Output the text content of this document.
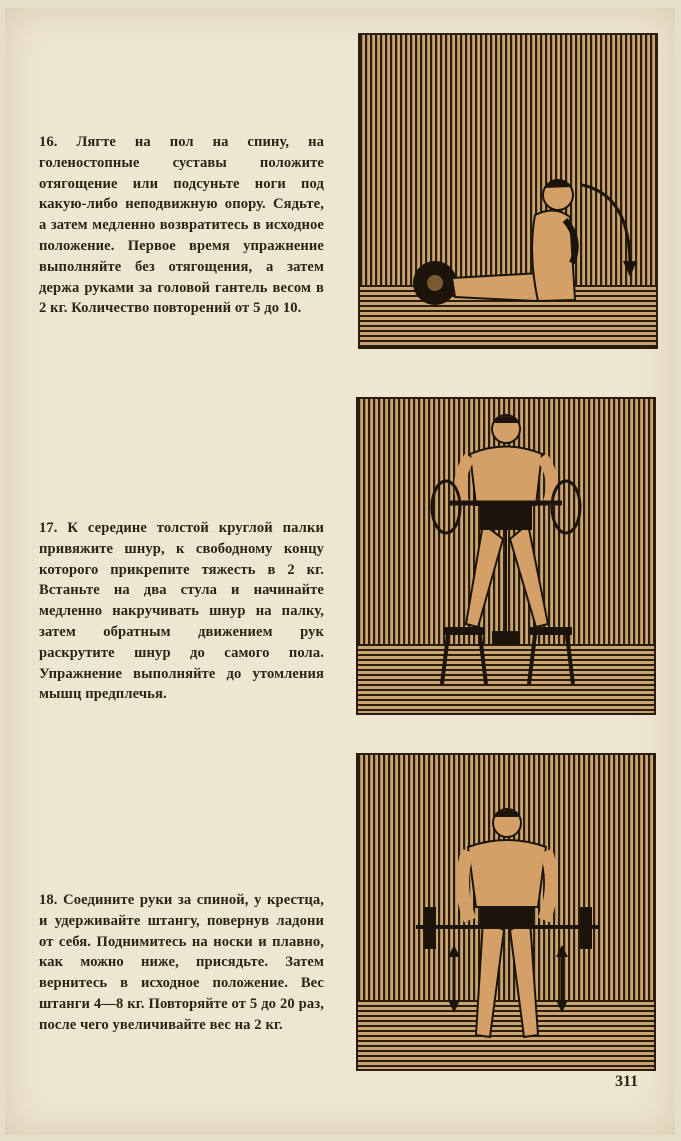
16. Лягте на пол на спину, на голеностопные суставы положите отягощение или подсуньте ноги под какую-либо неподвижную опору. Сядьте, а затем медленно возвратитесь в исходное положение. Первое время упражнение выполняйте без отягощения, а затем держа руками за головой гантель весом в 2 кг. Количество повторений от 5 до 10.
17. К середине толстой круглой палки привяжите шнур, к свободному концу которого прикрепите тяжесть в 2 кг. Встаньте на два стула и начинайте медленно накручивать шнур на палку, затем обратным движением рук раскрутите шнур до самого пола. Упражнение выполняйте до утомления мышц предплечья.
18. Соедините руки за спиной, у крестца, и удерживайте штангу, повернув ладони от себя. Поднимитесь на носки и плавно, как можно ниже, присядьте. Затем вернитесь в исходное положение. Вес штанги 4—8 кг. Повторяйте от 5 до 20 раз, после чего увеличивайте вес на 2 кг.
311
